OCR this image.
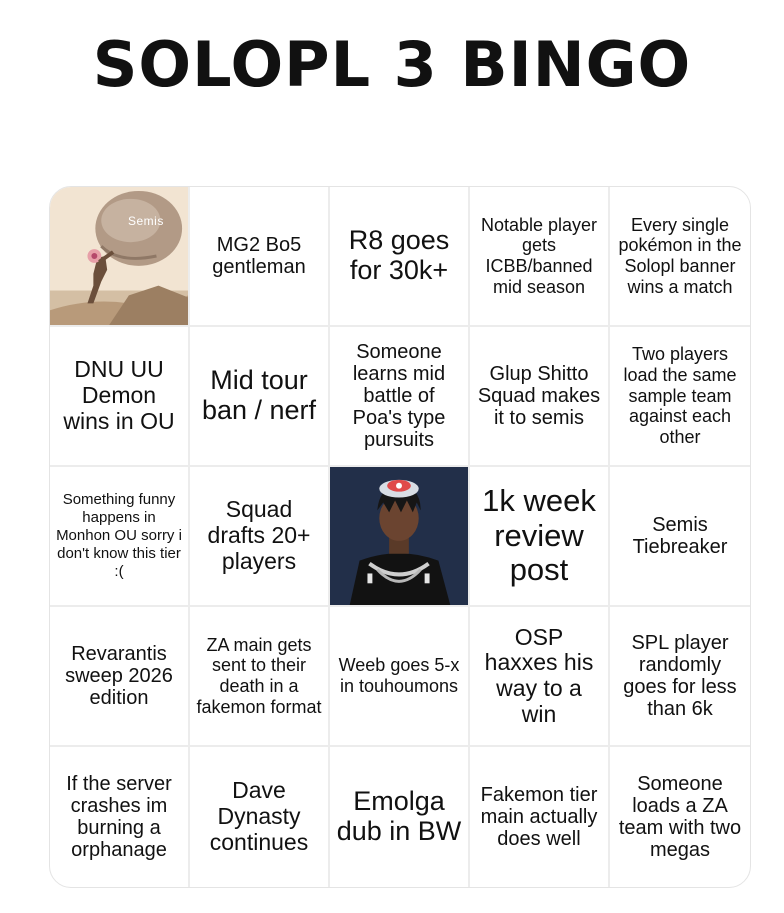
SOLOPL 3 BINGO
Semis
MG2 Bo5 gentleman
R8 goes for 30k+
Notable player gets ICBB/banned mid season
Every single pokémon in the Solopl banner wins a match
DNU UU Demon wins in OU
Mid tour ban / nerf
Someone learns mid battle of Poa's type pursuits
Glup Shitto Squad makes it to semis
Two players load the same sample team against each other
Something funny happens in Monhon OU sorry i don't know this tier :(
Squad drafts 20+ players
1k week review post
Semis Tiebreaker
Revarantis sweep 2026 edition
ZA main gets sent to their death in a fakemon format
Weeb goes 5-x in touhoumons
OSP haxxes his way to a win
SPL player randomly goes for less than 6k
If the server crashes im burning a orphanage
Dave Dynasty continues
Emolga dub in BW
Fakemon tier main actually does well
Someone loads a ZA team with two megas
